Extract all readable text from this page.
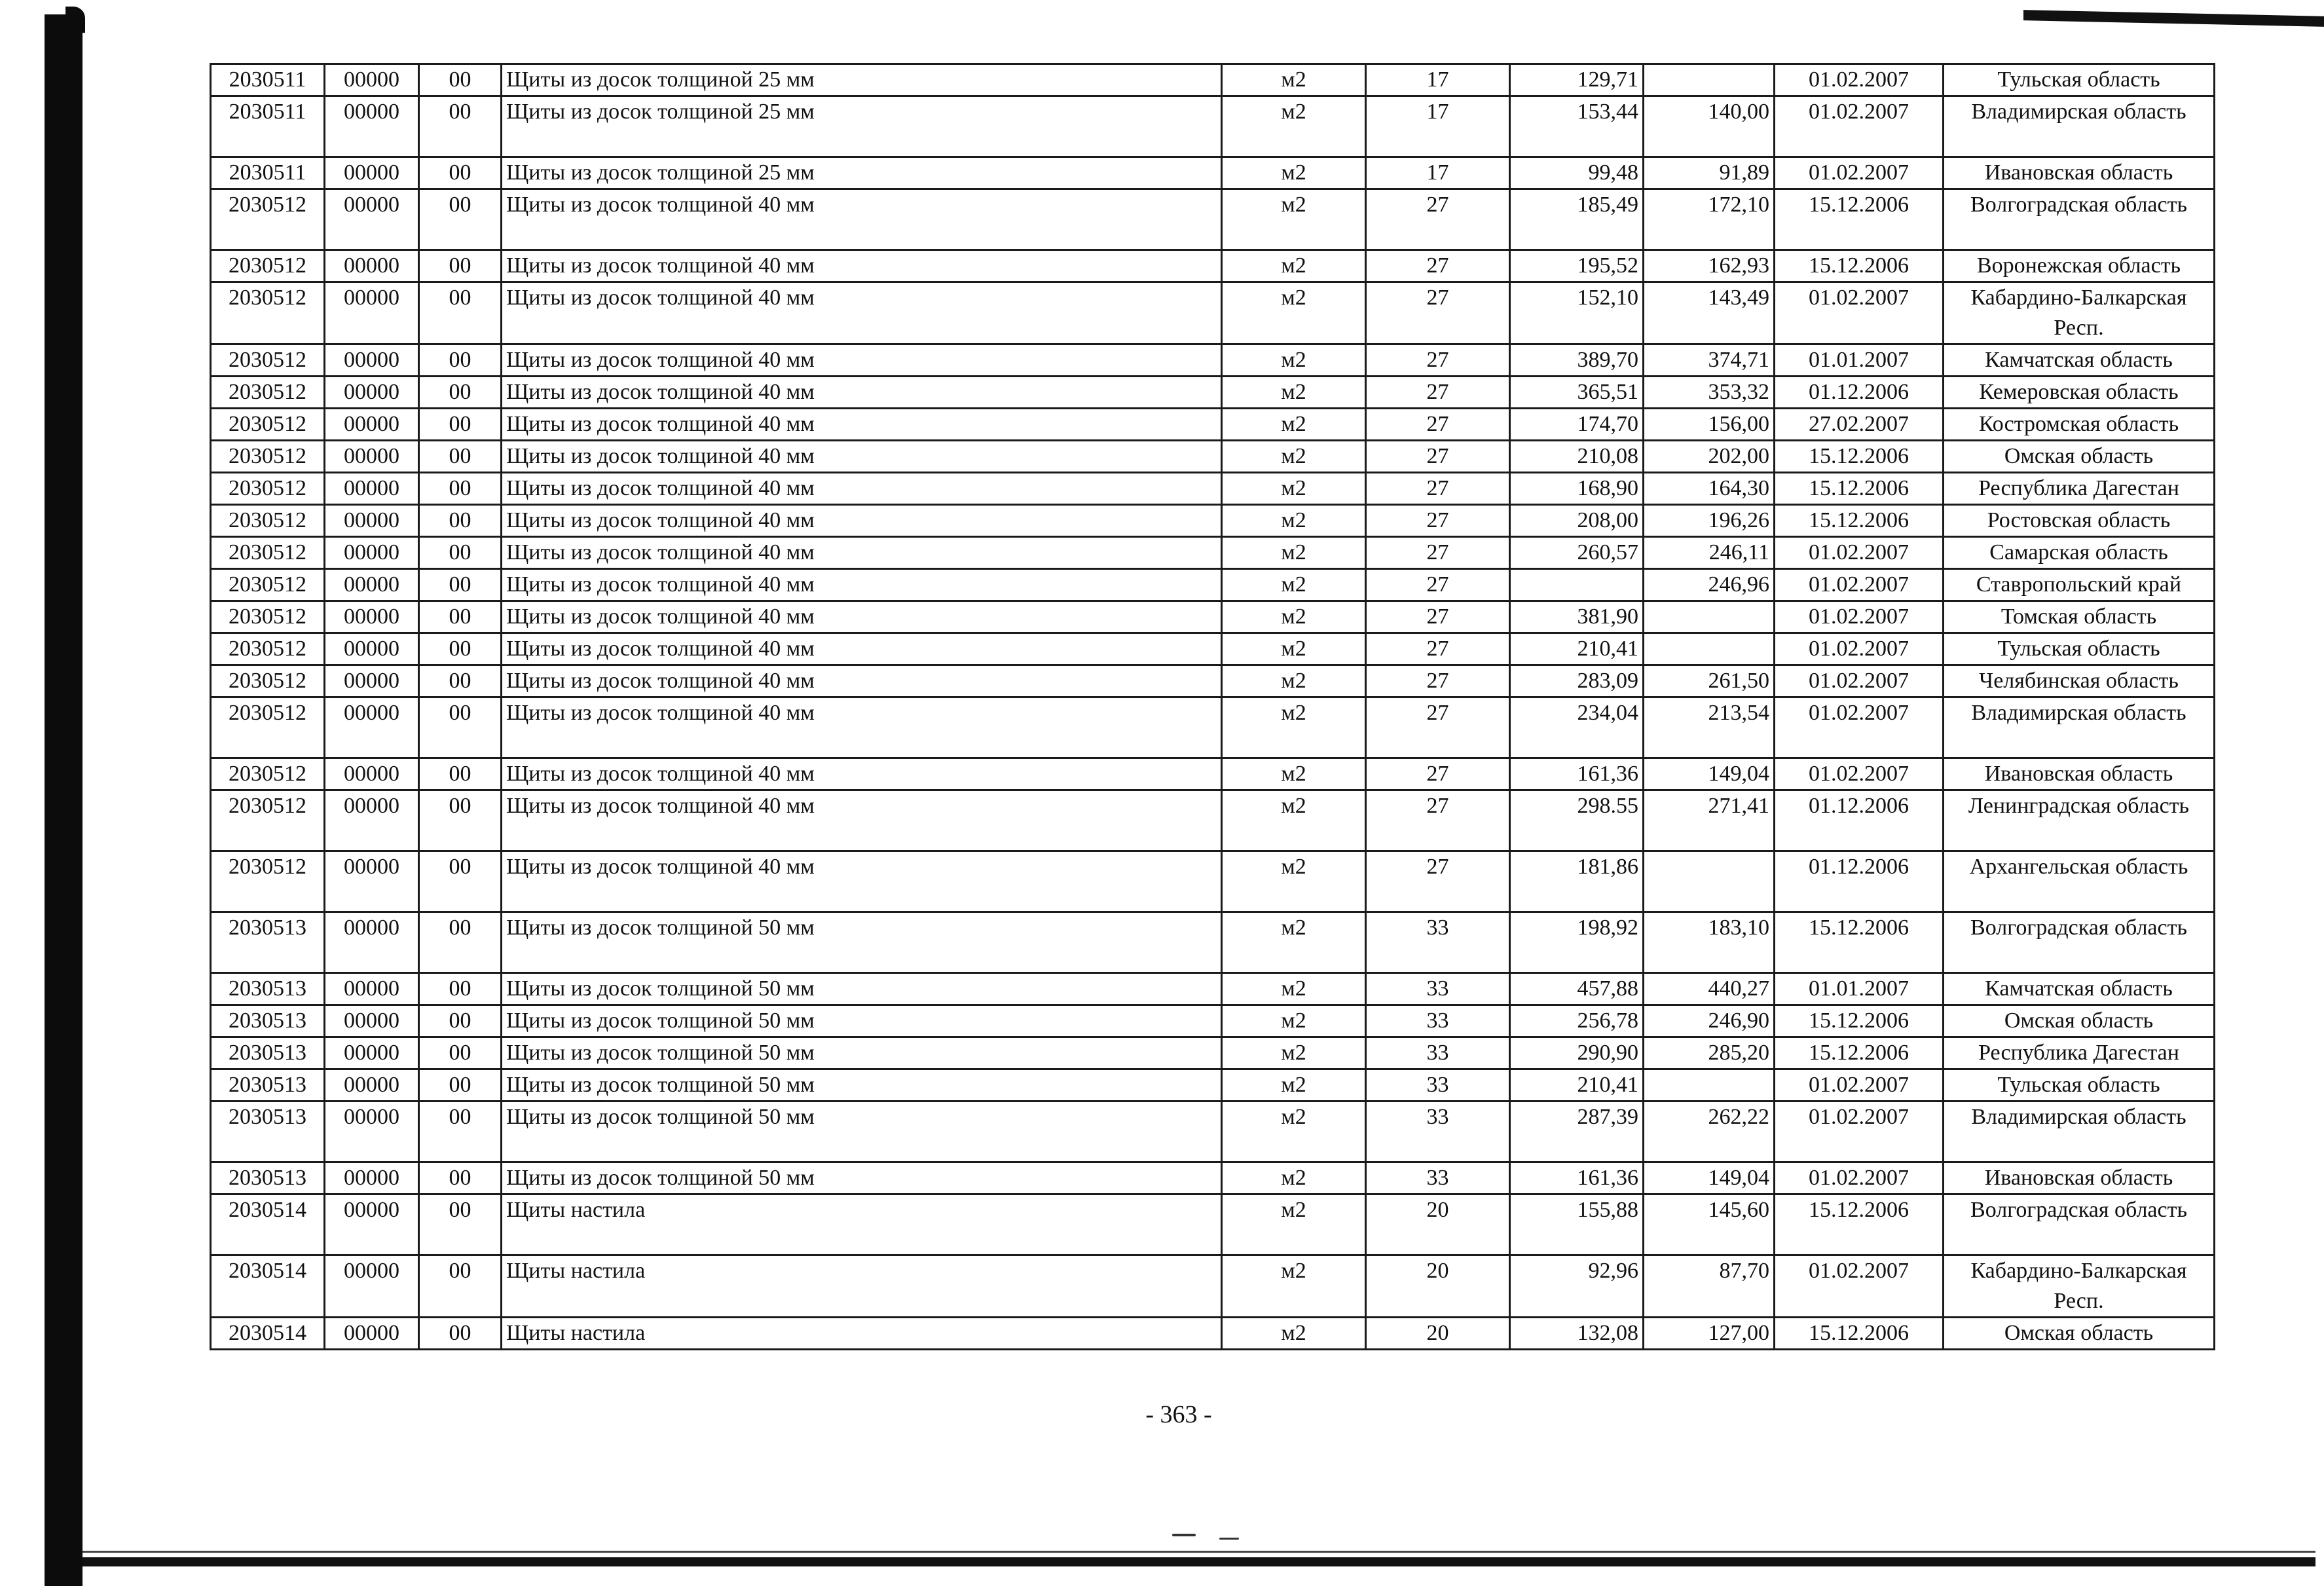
2030511	00000	00	Щиты из досок толщиной 25 мм	м2	17	129,71		01.02.2007	Тульская область
2030511	00000	00	Щиты из досок толщиной 25 мм	м2	17	153,44	140,00	01.02.2007	Владимирская область
2030511	00000	00	Щиты из досок толщиной 25 мм	м2	17	99,48	91,89	01.02.2007	Ивановская область
2030512	00000	00	Щиты из досок толщиной 40 мм	м2	27	185,49	172,10	15.12.2006	Волгоградская область
2030512	00000	00	Щиты из досок толщиной 40 мм	м2	27	195,52	162,93	15.12.2006	Воронежская область
2030512	00000	00	Щиты из досок толщиной 40 мм	м2	27	152,10	143,49	01.02.2007	Кабардино-Балкарская Респ.
2030512	00000	00	Щиты из досок толщиной 40 мм	м2	27	389,70	374,71	01.01.2007	Камчатская область
2030512	00000	00	Щиты из досок толщиной 40 мм	м2	27	365,51	353,32	01.12.2006	Кемеровская область
2030512	00000	00	Щиты из досок толщиной 40 мм	м2	27	174,70	156,00	27.02.2007	Костромская область
2030512	00000	00	Щиты из досок толщиной 40 мм	м2	27	210,08	202,00	15.12.2006	Омская область
2030512	00000	00	Щиты из досок толщиной 40 мм	м2	27	168,90	164,30	15.12.2006	Республика Дагестан
2030512	00000	00	Щиты из досок толщиной 40 мм	м2	27	208,00	196,26	15.12.2006	Ростовская область
2030512	00000	00	Щиты из досок толщиной 40 мм	м2	27	260,57	246,11	01.02.2007	Самарская область
2030512	00000	00	Щиты из досок толщиной 40 мм	м2	27		246,96	01.02.2007	Ставропольский край
2030512	00000	00	Щиты из досок толщиной 40 мм	м2	27	381,90		01.02.2007	Томская область
2030512	00000	00	Щиты из досок толщиной 40 мм	м2	27	210,41		01.02.2007	Тульская область
2030512	00000	00	Щиты из досок толщиной 40 мм	м2	27	283,09	261,50	01.02.2007	Челябинская область
2030512	00000	00	Щиты из досок толщиной 40 мм	м2	27	234,04	213,54	01.02.2007	Владимирская область
2030512	00000	00	Щиты из досок толщиной 40 мм	м2	27	161,36	149,04	01.02.2007	Ивановская область
2030512	00000	00	Щиты из досок толщиной 40 мм	м2	27	298.55	271,41	01.12.2006	Ленинградская область
2030512	00000	00	Щиты из досок толщиной 40 мм	м2	27	181,86		01.12.2006	Архангельская область
2030513	00000	00	Щиты из досок толщиной 50 мм	м2	33	198,92	183,10	15.12.2006	Волгоградская область
2030513	00000	00	Щиты из досок толщиной 50 мм	м2	33	457,88	440,27	01.01.2007	Камчатская область
2030513	00000	00	Щиты из досок толщиной 50 мм	м2	33	256,78	246,90	15.12.2006	Омская область
2030513	00000	00	Щиты из досок толщиной 50 мм	м2	33	290,90	285,20	15.12.2006	Республика Дагестан
2030513	00000	00	Щиты из досок толщиной 50 мм	м2	33	210,41		01.02.2007	Тульская область
2030513	00000	00	Щиты из досок толщиной 50 мм	м2	33	287,39	262,22	01.02.2007	Владимирская область
2030513	00000	00	Щиты из досок толщиной 50 мм	м2	33	161,36	149,04	01.02.2007	Ивановская область
2030514	00000	00	Щиты настила	м2	20	155,88	145,60	15.12.2006	Волгоградская область
2030514	00000	00	Щиты настила	м2	20	92,96	87,70	01.02.2007	Кабардино-Балкарская Респ.
2030514	00000	00	Щиты настила	м2	20	132,08	127,00	15.12.2006	Омская область
- 363 -
